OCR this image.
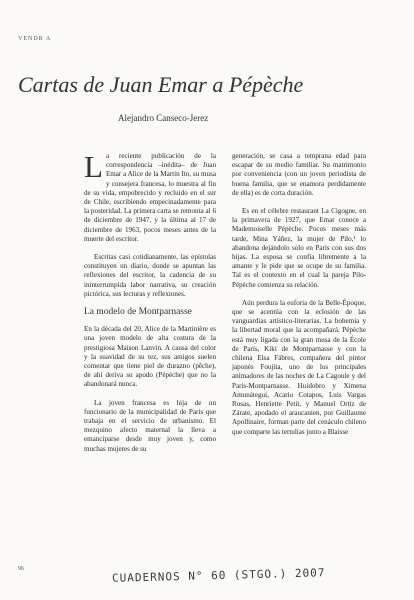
VENDR A
Cartas de Juan Emar a Pépèche
Alejandro Canseco-Jerez

La reciente publicación de la correspondencia –inédita– de Juan Emar a Alice de la Martin Ito, su musa y consejera francesa, lo muestra al fin de su vida, empobrecido y recluido en el sur de Chile, escribiendo empecinadamente para la posteridad. La primera carta se remonta al 6 de diciembre de 1947, y la última al 17 de diciembre de 1963, pocos meses antes de la muerte del escritor.

Escritas casi cotidianamente, las epístolas constituyen un diario, donde se apuntan las reflexiones del escritor, la cadencia de su ininterrumpida labor narrativa, su creación pictórica, sus lecturas y reflexiones.

La modelo de Montparnasse

En la década del 20, Alice de la Martinière es una joven modelo de alta costura de la prestigiosa Maison Lanvin. A causa del color y la suavidad de su tez, sus amigos suelen comentar que tiene piel de durazno (pêche), de ahí deriva su apodo (Pépèche) que no la abandonará nunca.

La joven francesa es hija de un funcionario de la municipalidad de París que trabaja en el servicio de urbanismo. El mezquino afecto maternal la lleva a emanciparse desde muy joven y, como muchas mujeres de su

generación, se casa a temprana edad para escapar de su medio familiar. Su matrimonio por conveniencia (con un joven periodista de buena familia, que se enamora perdidamente de ella) es de corta duración.

Es en el célebre restaurant La Cigogne, en la primavera de 1927, que Emar conoce a Mademoiselle Pépèche. Pocos meses más tarde, Mina Yáñez, la mujer de Pilo,¹ lo abandona dejándolo solo en París con sus dos hijas. La esposa se confía libremente a la amante y le pide que se ocupe de su familia. Tal es el contexto en el cual la pareja Pilo-Pépèche comienza su relación.

Aún perdura la euforia de la Belle-Époque, que se acentúa con la eclosión de las vanguardias artístico-literarias. La bohemia y la libertad moral que la acompañará. Pépèche está muy ligada con la gran musa de la École de París, Kiki de Montparnasse y con la chilena Elsa Fábres, compañera del pintor japonés Foujita, uno de los principales animadores de las noches de La Cagoule y del Paris-Montparnasse. Huidobro y Ximena Amunátegui, Acario Cotapos, Luis Vargas Rosas, Henriette Petit, y Manuel Ortiz de Zárate, apodado el araucanien, por Guillaume Apollinaire, forman parte del cenáculo chileno que comparte las tertulias junto a Blaisse

96	CUADERNOS N° 60 (STGO.) 2007
